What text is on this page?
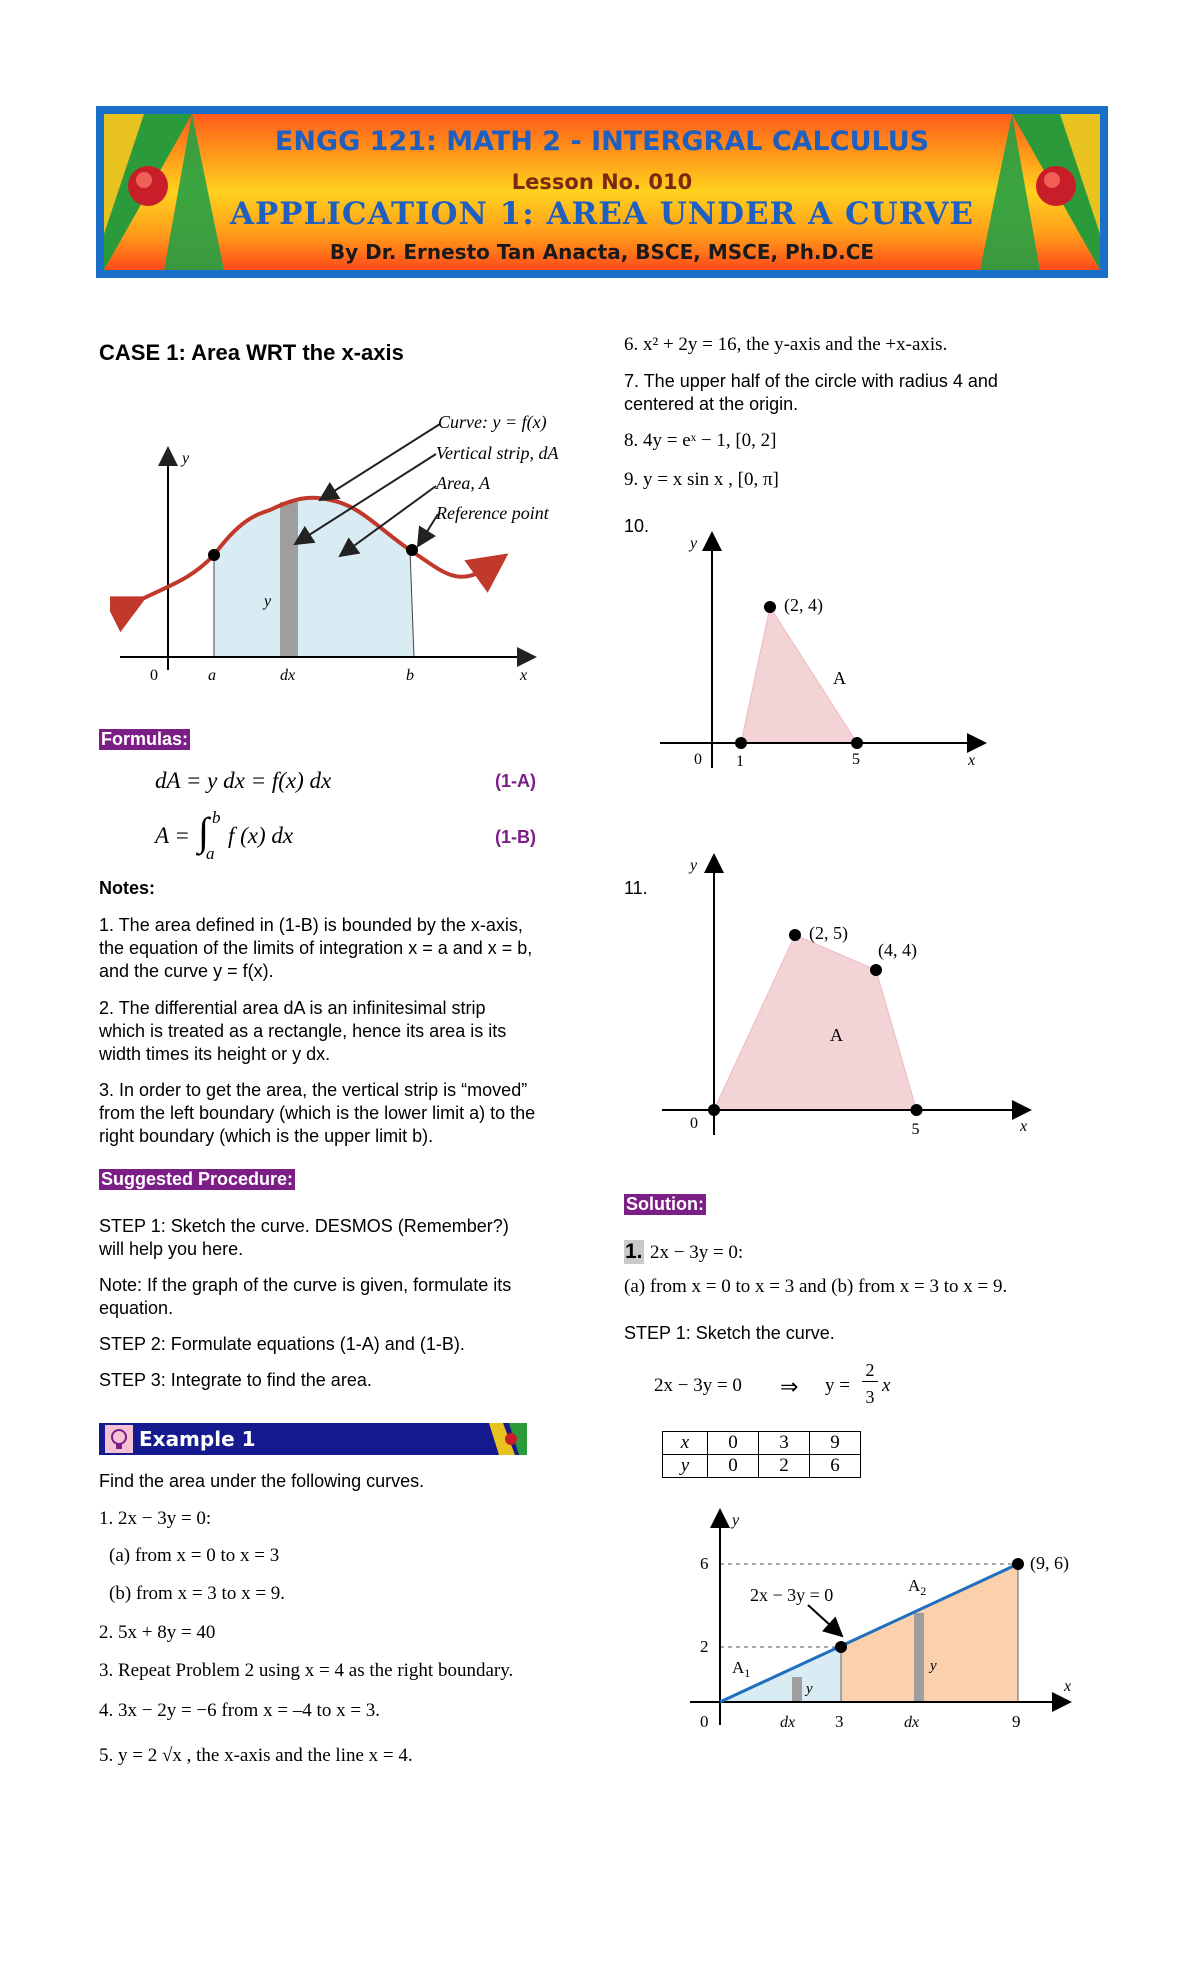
ENGG 121: MATH 2 - INTERGRAL CALCULUS
Lesson No. 010
APPLICATION 1: AREA UNDER A CURVE
By Dr. Ernesto Tan Anacta, BSCE, MSCE, Ph.D.CE
CASE 1: Area WRT the x-axis
Curve: y = f(x)
Vertical strip, dA
Area, A
Reference point
y
x
0	a	dx	b
y
Formulas:
dA = y dx = f(x) dx	(1-A)
A = ∫ b
a
f (x) dx	(1-B)
Notes:
1. The area defined in (1-B) is bounded by the x-axis,
the equation of the limits of integration x = a and x = b,
and the curve y = f(x).
2. The differential area dA is an infinitesimal strip
which is treated as a rectangle, hence its area is its
width times its height or y dx.
3. In order to get the area, the vertical strip is “moved”
from the left boundary (which is the lower limit a) to the
right boundary (which is the upper limit b).
Suggested Procedure:
STEP 1: Sketch the curve. DESMOS (Remember?)
will help you here.
Note: If the graph of the curve is given, formulate its
equation.
STEP 2: Formulate equations (1-A) and (1-B).
STEP 3: Integrate to find the area.
Example 1
Find the area under the following curves.
1. 2x − 3y = 0:
(a) from x = 0 to x = 3
(b) from x = 3 to x = 9.
2. 5x + 8y = 40
3. Repeat Problem 2 using x = 4 as the right boundary.
4. 3x − 2y = −6 from x = –4 to x = 3.
5. y = 2 √x , the x-axis and the line x = 4.
6. x² + 2y = 16, the y-axis and the +x-axis.
7. The upper half of the circle with radius 4 and
centered at the origin.
8. 4y = eˣ − 1, [0, 2]
9. y = x sin x , [0, π]
10.
(2, 4)
A
0 1	5	x
y
11.
(2, 5)
(4, 4)
A
0	5	x
y
Solution:
1. 2x − 3y = 0:
(a) from x = 0 to x = 3 and (b) from x = 3 to x = 9.
STEP 1: Sketch the curve.
2x − 3y = 0 ⇒ y =
2
3
x
x	0	3	9
y	0	2	6
6
2
0	3	9
(9, 6)
2x − 3y = 0
$A_1$
$A_2$
dx	dx
y
y
x
y
